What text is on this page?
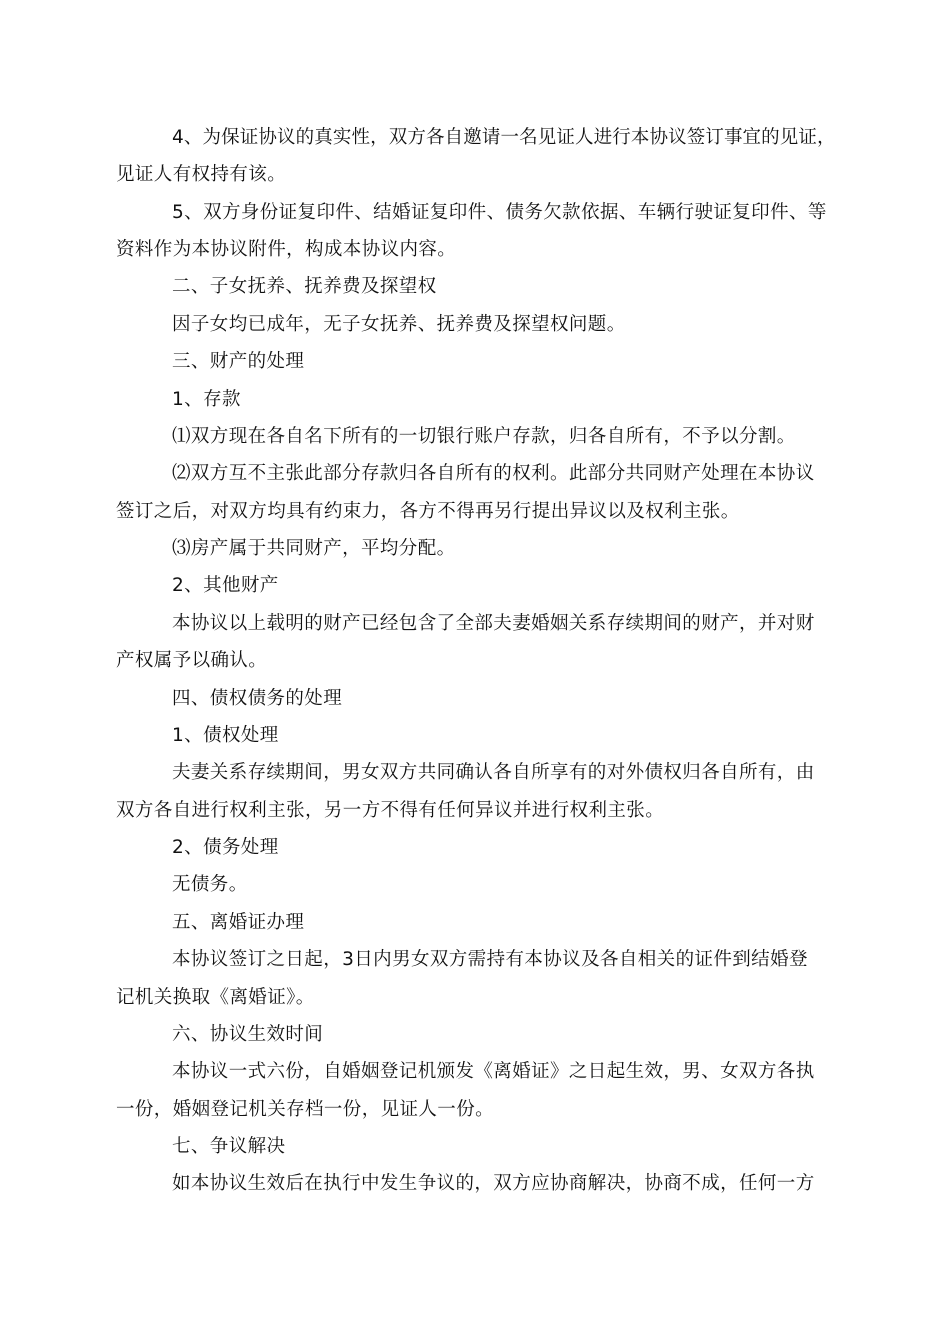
4、为保证协议的真实性，双方各自邀请一名见证人进行本协议签订事宜的见证，
见证人有权持有该。
5、双方身份证复印件、结婚证复印件、债务欠款依据、车辆行驶证复印件、等
资料作为本协议附件，构成本协议内容。
二、子女抚养、抚养费及探望权
因子女均已成年，无子女抚养、抚养费及探望权问题。
三、财产的处理
1、存款
⑴双方现在各自名下所有的一切银行账户存款，归各自所有，不予以分割。
⑵双方互不主张此部分存款归各自所有的权利。此部分共同财产处理在本协议
签订之后，对双方均具有约束力，各方不得再另行提出异议以及权利主张。
⑶房产属于共同财产，平均分配。
2、其他财产
本协议以上载明的财产已经包含了全部夫妻婚姻关系存续期间的财产，并对财
产权属予以确认。
四、债权债务的处理
1、债权处理
夫妻关系存续期间，男女双方共同确认各自所享有的对外债权归各自所有，由
双方各自进行权利主张，另一方不得有任何异议并进行权利主张。
2、债务处理
无债务。
五、离婚证办理
本协议签订之日起，3日内男女双方需持有本协议及各自相关的证件到结婚登
记机关换取《离婚证》。
六、协议生效时间
本协议一式六份，自婚姻登记机颁发《离婚证》之日起生效，男、女双方各执
一份，婚姻登记机关存档一份，见证人一份。
七、争议解决
如本协议生效后在执行中发生争议的，双方应协商解决，协商不成，任何一方
